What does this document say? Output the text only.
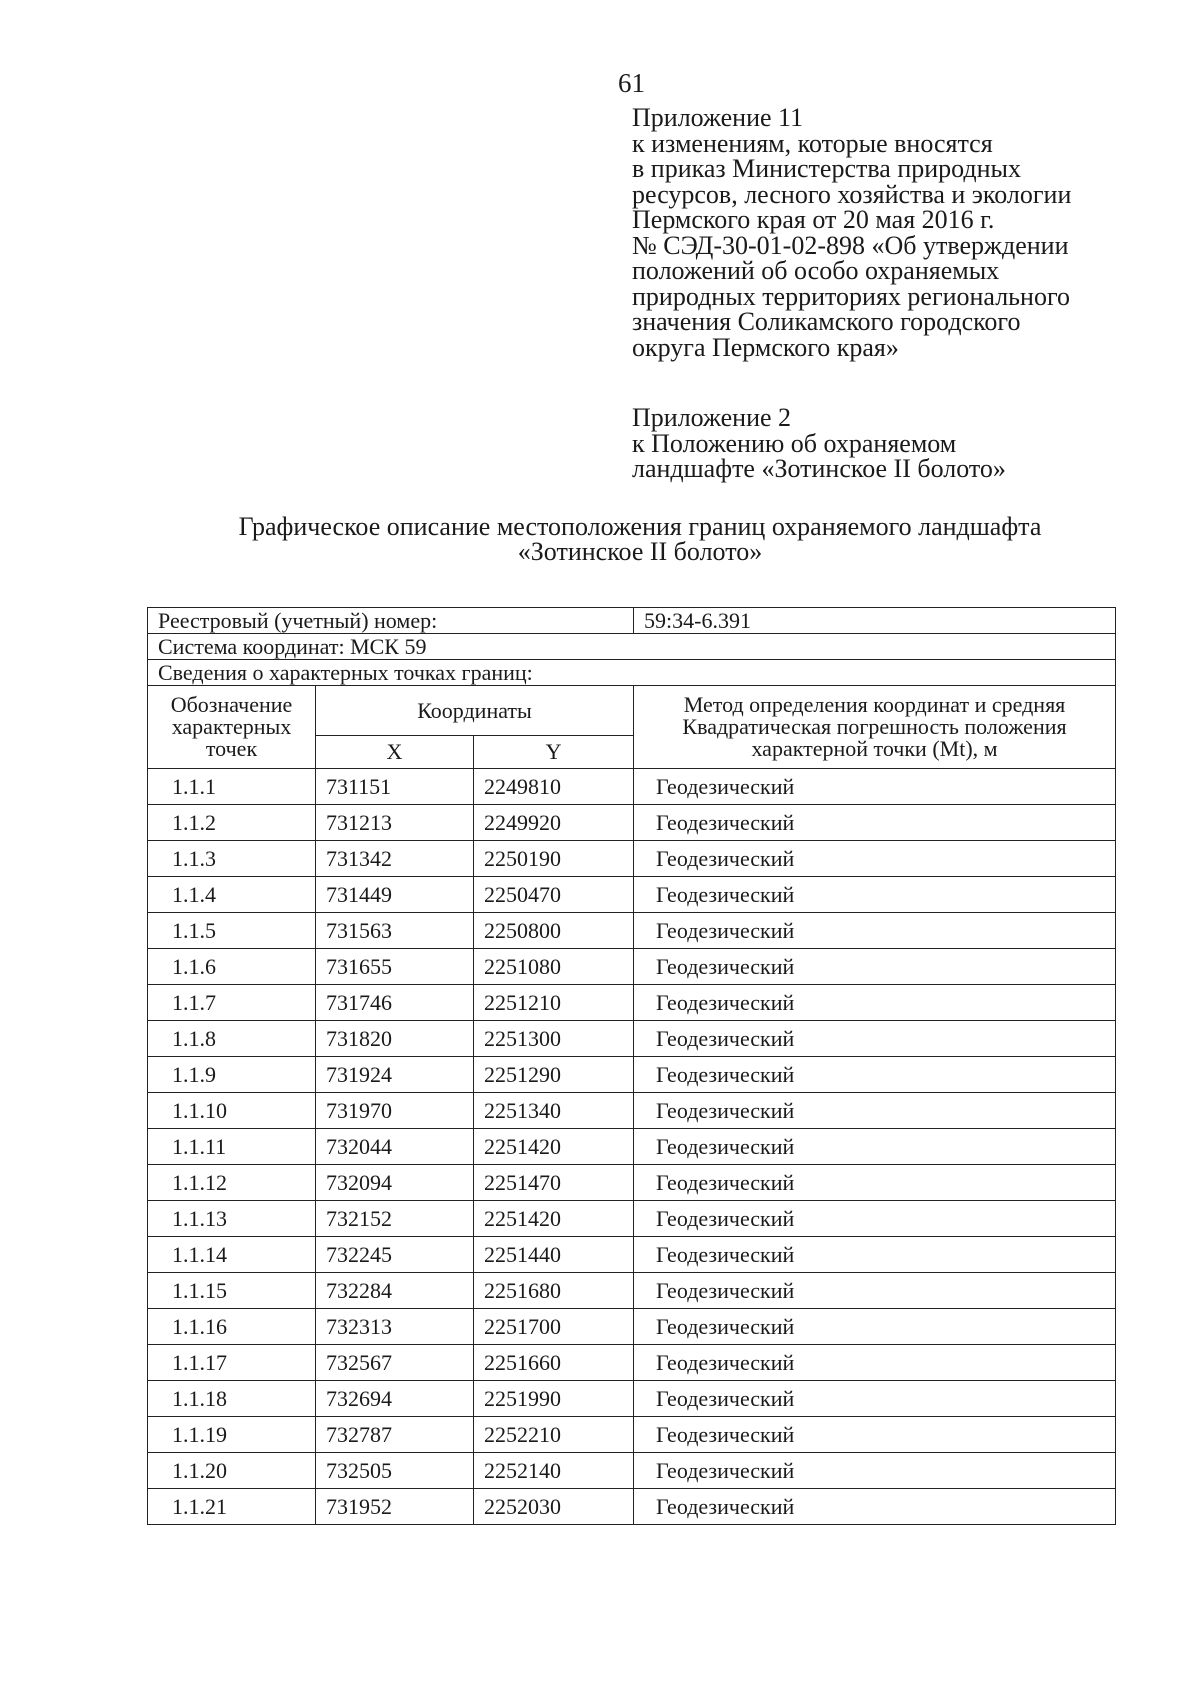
61
Приложение 11
к изменениям, которые вносятся
в приказ Министерства природных
ресурсов, лесного хозяйства и экологии
Пермского края от 20 мая 2016 г.
№ СЭД-30-01-02-898 «Об утверждении
положений об особо охраняемых
природных территориях регионального
значения Соликамского городского
округа Пермского края»
Приложение 2
к Положению об охраняемом
ландшафте «Зотинское II болото»
Графическое описание местоположения границ охраняемого ландшафта
«Зотинское II болото»
Реестровый (учетный) номер:			59:34-6.391
Система координат: МСК 59			
Сведения о характерных точках границ:			
Обозначение характерных точек	Координаты		Метод определения координат и средняя Квадратическая погрешность положения характерной точки (Mt), м
	X	Y	
1.1.1	731151	2249810	Геодезический
1.1.2	731213	2249920	Геодезический
1.1.3	731342	2250190	Геодезический
1.1.4	731449	2250470	Геодезический
1.1.5	731563	2250800	Геодезический
1.1.6	731655	2251080	Геодезический
1.1.7	731746	2251210	Геодезический
1.1.8	731820	2251300	Геодезический
1.1.9	731924	2251290	Геодезический
1.1.10	731970	2251340	Геодезический
1.1.11	732044	2251420	Геодезический
1.1.12	732094	2251470	Геодезический
1.1.13	732152	2251420	Геодезический
1.1.14	732245	2251440	Геодезический
1.1.15	732284	2251680	Геодезический
1.1.16	732313	2251700	Геодезический
1.1.17	732567	2251660	Геодезический
1.1.18	732694	2251990	Геодезический
1.1.19	732787	2252210	Геодезический
1.1.20	732505	2252140	Геодезический
1.1.21	731952	2252030	Геодезический
